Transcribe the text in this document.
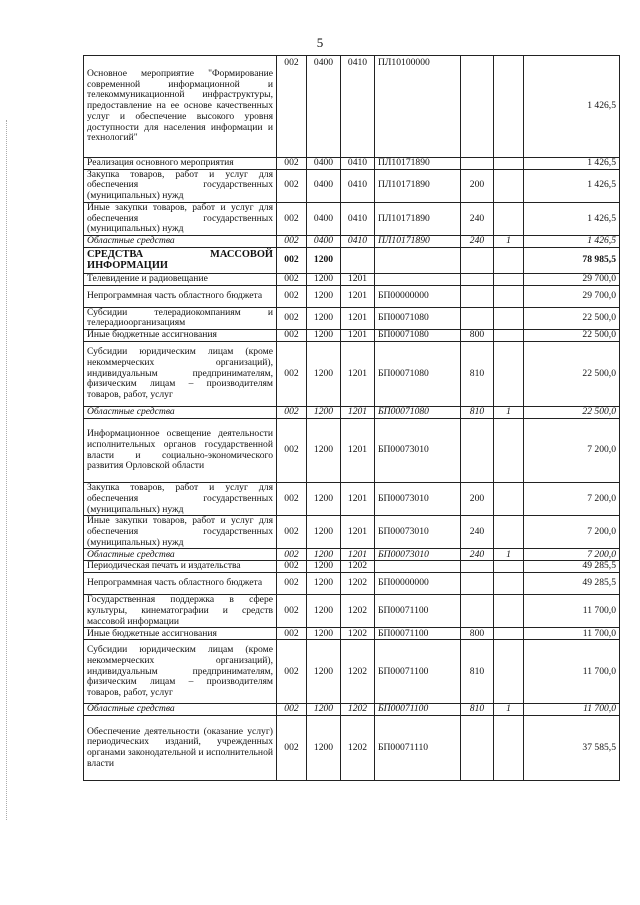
5
Основное мероприятие "Формирование современной информационной и телекоммуникационной инфраструктуры, предоставление на ее основе качественных услуг и обеспечение высокого уровня доступности для населения информации и технологий"	002	0400	0410	ПЛ10100000			1 426,5
Реализация основного мероприятия	002	0400	0410	ПЛ10171890			1 426,5
Закупка товаров, работ и услуг для обеспечения государственных (муниципальных) нужд	002	0400	0410	ПЛ10171890	200		1 426,5
Иные закупки товаров, работ и услуг для обеспечения государственных (муниципальных) нужд	002	0400	0410	ПЛ10171890	240		1 426,5
Областные средства	002	0400	0410	ПЛ10171890	240	1	1 426,5
СРЕДСТВА МАССОВОЙ ИНФОРМАЦИИ	002	1200					78 985,5
Телевидение и радиовещание	002	1200	1201				29 700,0
Непрограммная часть областного бюджета	002	1200	1201	БП00000000			29 700,0
Субсидии телерадиокомпаниям и телерадиоорганизациям	002	1200	1201	БП00071080			22 500,0
Иные бюджетные ассигнования	002	1200	1201	БП00071080	800		22 500,0
Субсидии юридическим лицам (кроме некоммерческих организаций), индивидуальным предпринимателям, физическим лицам – производителям товаров, работ, услуг	002	1200	1201	БП00071080	810		22 500,0
Областные средства	002	1200	1201	БП00071080	810	1	22 500,0
Информационное освещение деятельности исполнительных органов государственной власти и социально-экономического развития Орловской области	002	1200	1201	БП00073010			7 200,0
Закупка товаров, работ и услуг для обеспечения государственных (муниципальных) нужд	002	1200	1201	БП00073010	200		7 200,0
Иные закупки товаров, работ и услуг для обеспечения государственных (муниципальных) нужд	002	1200	1201	БП00073010	240		7 200,0
Областные средства	002	1200	1201	БП00073010	240	1	7 200,0
Периодическая печать и издательства	002	1200	1202				49 285,5
Непрограммная часть областного бюджета	002	1200	1202	БП00000000			49 285,5
Государственная поддержка в сфере культуры, кинематографии и средств массовой информации	002	1200	1202	БП00071100			11 700,0
Иные бюджетные ассигнования	002	1200	1202	БП00071100	800		11 700,0
Субсидии юридическим лицам (кроме некоммерческих организаций), индивидуальным предпринимателям, физическим лицам – производителям товаров, работ, услуг	002	1200	1202	БП00071100	810		11 700,0
Областные средства	002	1200	1202	БП00071100	810	1	11 700,0
Обеспечение деятельности (оказание услуг) периодических изданий, учрежденных органами законодательной и исполнительной власти	002	1200	1202	БП00071110			37 585,5
